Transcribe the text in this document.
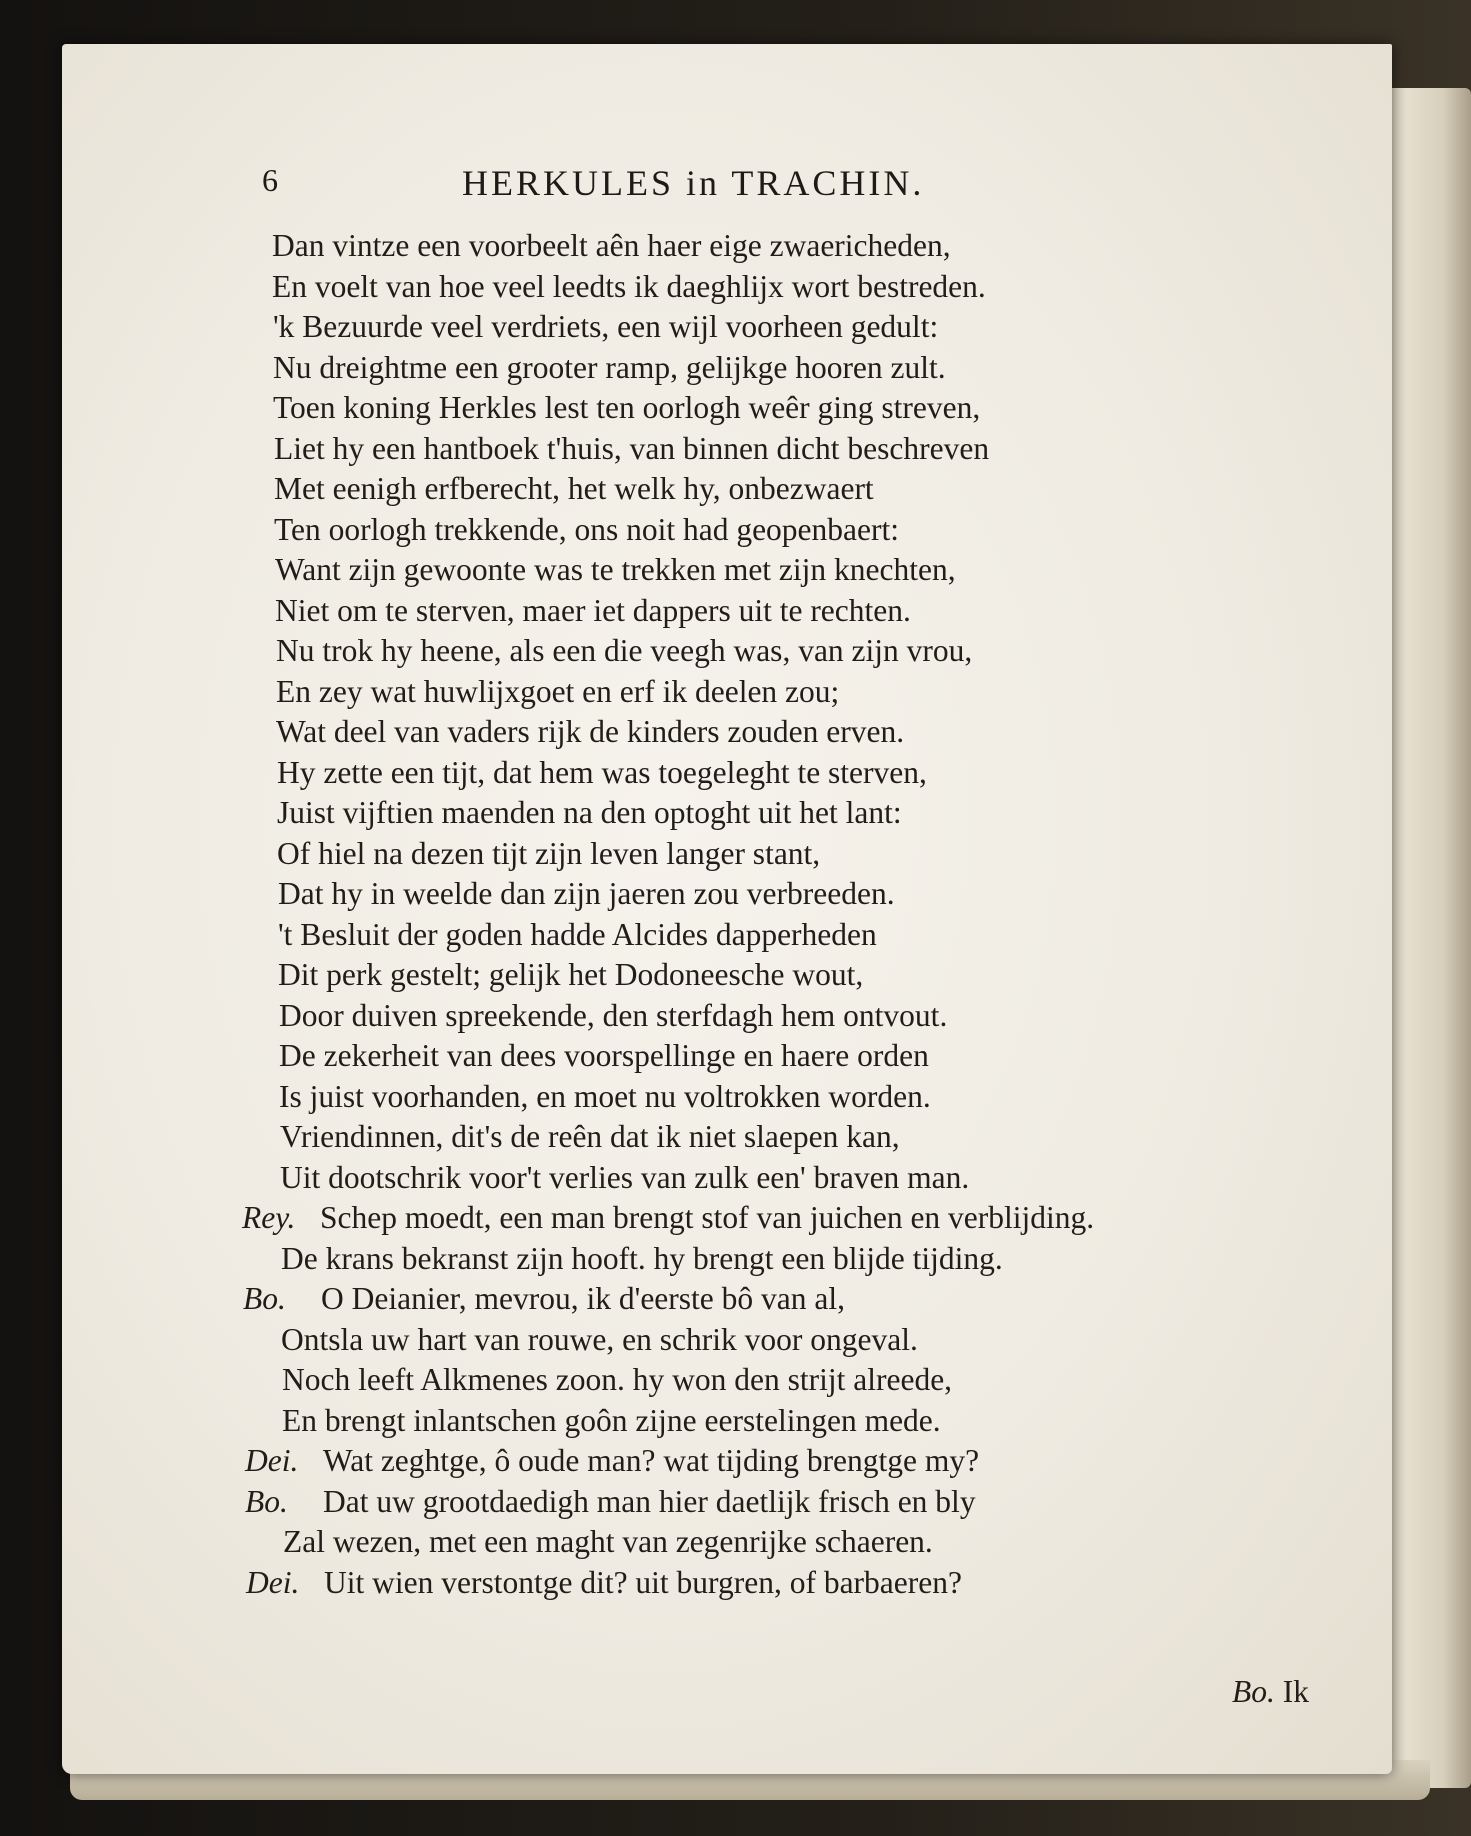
6	HERKULES in TRACHIN.
Dan vintze een voorbeelt aên haer eige zwaericheden,
En voelt van hoe veel leedts ik daeghlijx wort bestreden.
'k Bezuurde veel verdriets, een wijl voorheen gedult:
Nu dreightme een grooter ramp, gelijkge hooren zult.
Toen koning Herkles lest ten oorlogh weêr ging streven,
Liet hy een hantboek t'huis, van binnen dicht beschreven
Met eenigh erfberecht, het welk hy, onbezwaert
Ten oorlogh trekkende, ons noit had geopenbaert:
Want zijn gewoonte was te trekken met zijn knechten,
Niet om te sterven, maer iet dappers uit te rechten.
Nu trok hy heene, als een die veegh was, van zijn vrou,
En zey wat huwlijxgoet en erf ik deelen zou;
Wat deel van vaders rijk de kinders zouden erven.
Hy zette een tijt, dat hem was toegeleght te sterven,
Juist vijftien maenden na den optoght uit het lant:
Of hiel na dezen tijt zijn leven langer stant,
Dat hy in weelde dan zijn jaeren zou verbreeden.
't Besluit der goden hadde Alcides dapperheden
Dit perk gestelt; gelijk het Dodoneesche wout,
Door duiven spreekende, den sterfdagh hem ontvout.
De zekerheit van dees voorspellinge en haere orden
Is juist voorhanden, en moet nu voltrokken worden.
Vriendinnen, dit's de reên dat ik niet slaepen kan,
Uit dootschrik voor't verlies van zulk een' braven man.
Rey. Schep moedt, een man brengt stof van juichen en verblijding.
De krans bekranst zijn hooft. hy brengt een blijde tijding.
Bo. O Deianier, mevrou, ik d'eerste bô van al,
Ontsla uw hart van rouwe, en schrik voor ongeval.
Noch leeft Alkmenes zoon. hy won den strijt alreede,
En brengt inlantschen goôn zijne eerstelingen mede.
Dei. Wat zeghtge, ô oude man? wat tijding brengtge my?
Bo. Dat uw grootdaedigh man hier daetlijk frisch en bly
Zal wezen, met een maght van zegenrijke schaeren.
Dei. Uit wien verstontge dit? uit burgren, of barbaeren?
Bo. Ik
